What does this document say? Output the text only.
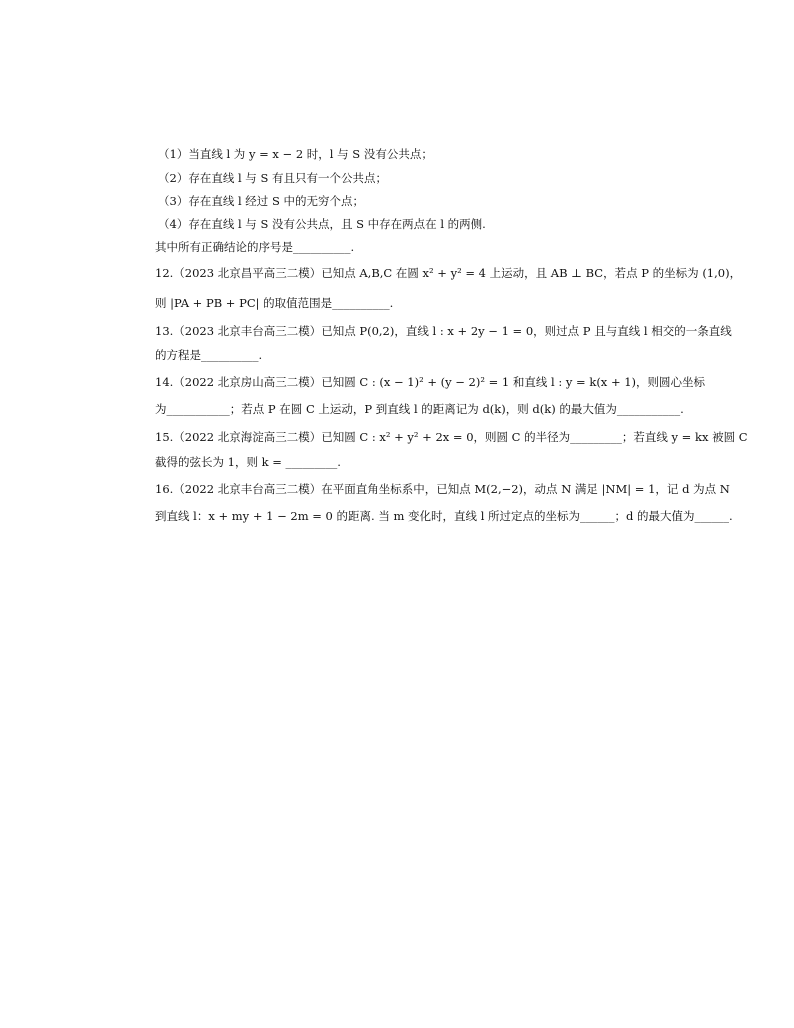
（1）当直线 l 为 y = x − 2 时，l 与 S 没有公共点；
（2）存在直线 l 与 S 有且只有一个公共点；
（3）存在直线 l 经过 S 中的无穷个点；
（4）存在直线 l 与 S 没有公共点，且 S 中存在两点在 l 的两侧.
其中所有正确结论的序号是__________.
12.（2023 北京昌平高三二模）已知点 A,B,C 在圆 x² + y² = 4 上运动，且 AB ⊥ BC，若点 P 的坐标为 (1,0)，
则 |PA + PB + PC| 的取值范围是__________.
13.（2023 北京丰台高三二模）已知点 P(0,2)，直线 l : x + 2y − 1 = 0，则过点 P 且与直线 l 相交的一条直线
的方程是__________.
14.（2022 北京房山高三二模）已知圆 C : (x − 1)² + (y − 2)² = 1 和直线 l : y = k(x + 1)，则圆心坐标
为___________；若点 P 在圆 C 上运动，P 到直线 l 的距离记为 d(k)，则 d(k) 的最大值为___________.
15.（2022 北京海淀高三二模）已知圆 C : x² + y² + 2x = 0，则圆 C 的半径为_________；若直线 y = kx 被圆 C
截得的弦长为 1，则 k = _________.
16.（2022 北京丰台高三二模）在平面直角坐标系中，已知点 M(2,−2)，动点 N 满足 |NM| = 1，记 d 为点 N
到直线 l：x + my + 1 − 2m = 0 的距离. 当 m 变化时，直线 l 所过定点的坐标为______；d 的最大值为______.
